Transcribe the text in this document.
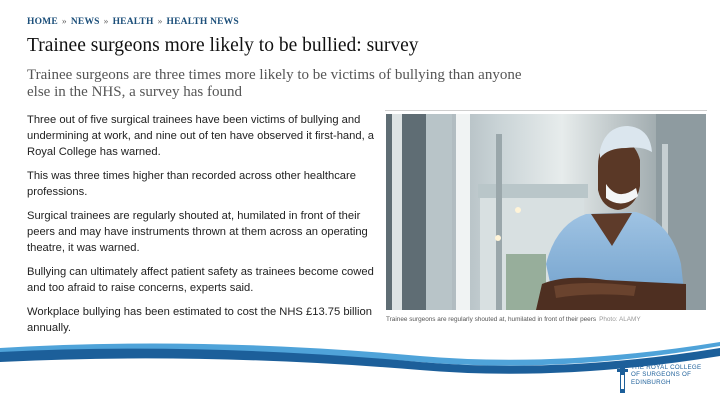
HOME » NEWS » HEALTH » HEALTH NEWS
Trainee surgeons more likely to be bullied: survey

Trainee surgeons are three times more likely to be victims of bullying than anyone else in the NHS, a survey has found

Three out of five surgical trainees have been victims of bullying and undermining at work, and nine out of ten have observed it first-hand, a Royal College has warned.

This was three times higher than recorded across other healthcare professions.

Surgical trainees are regularly shouted at, humilated in front of their peers and may have instruments thrown at them across an operating theatre, it was warned.

Bullying can ultimately affect patient safety as trainees become cowed and too afraid to raise concerns, experts said.

Workplace bullying has been estimated to cost the NHS £13.75 billion annually.

Trainee surgeons are regularly shouted at, humilated in front of their peers Photo: ALAMY
THE ROYAL COLLEGE
OF SURGEONS OF
EDINBURGH
